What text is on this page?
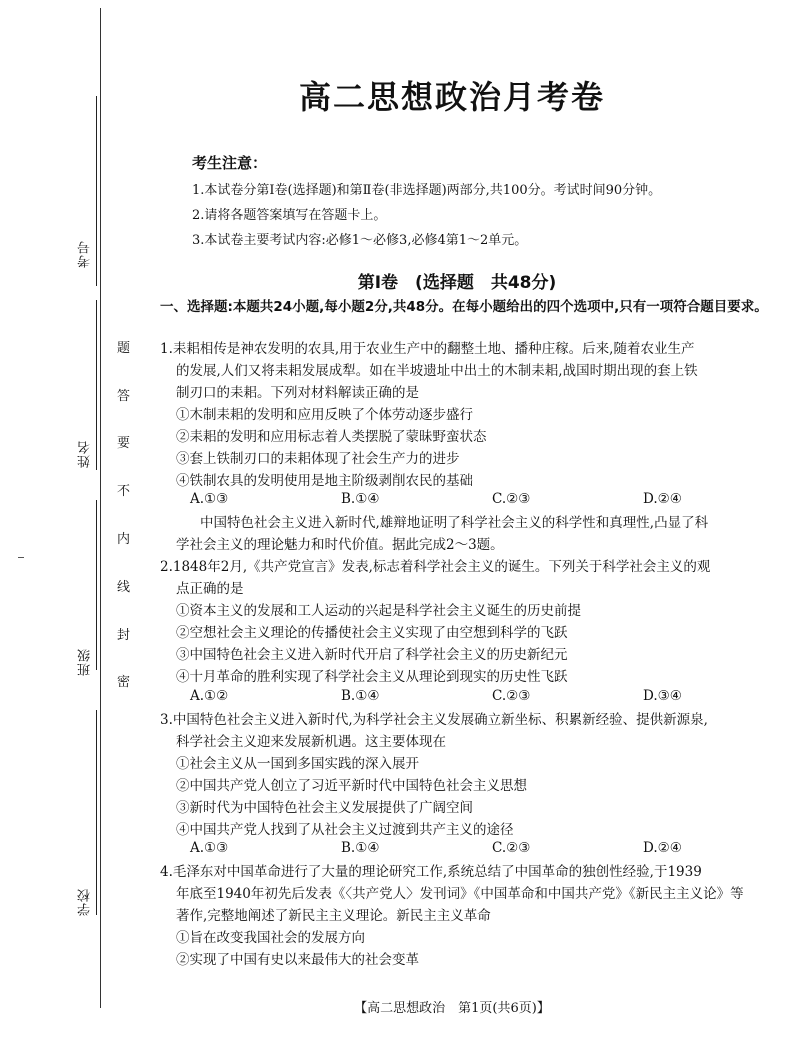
考号
姓名
班级
学校
题
答
要
不
内
线
封
密
高二思想政治月考卷
考生注意：
1.本试卷分第Ⅰ卷(选择题)和第Ⅱ卷(非选择题)两部分,共100分。考试时间90分钟。
2.请将各题答案填写在答题卡上。
3.本试卷主要考试内容:必修1～必修3,必修4第1～2单元。
第Ⅰ卷　(选择题　共48分)
一、选择题:本题共24小题,每小题2分,共48分。在每小题给出的四个选项中,只有一项符合题目要求。
1.耒耜相传是神农发明的农具,用于农业生产中的翻整土地、播种庄稼。后来,随着农业生产
的发展,人们又将耒耜发展成犁。如在半坡遗址中出土的木制耒耜,战国时期出现的套上铁
制刃口的耒耜。下列对材料解读正确的是
①木制耒耜的发明和应用反映了个体劳动逐步盛行
②耒耜的发明和应用标志着人类摆脱了蒙昧野蛮状态
③套上铁制刃口的耒耜体现了社会生产力的进步
④铁制农具的发明使用是地主阶级剥削农民的基础
A.①③	B.①④	C.②③	D.②④
中国特色社会主义进入新时代,雄辩地证明了科学社会主义的科学性和真理性,凸显了科
学社会主义的理论魅力和时代价值。据此完成2～3题。
2.1848年2月,《共产党宣言》发表,标志着科学社会主义的诞生。下列关于科学社会主义的观
点正确的是
①资本主义的发展和工人运动的兴起是科学社会主义诞生的历史前提
②空想社会主义理论的传播使社会主义实现了由空想到科学的飞跃
③中国特色社会主义进入新时代开启了科学社会主义的历史新纪元
④十月革命的胜利实现了科学社会主义从理论到现实的历史性飞跃
A.①②	B.①④	C.②③	D.③④
3.中国特色社会主义进入新时代,为科学社会主义发展确立新坐标、积累新经验、提供新源泉,
科学社会主义迎来发展新机遇。这主要体现在
①社会主义从一国到多国实践的深入展开
②中国共产党人创立了习近平新时代中国特色社会主义思想
③新时代为中国特色社会主义发展提供了广阔空间
④中国共产党人找到了从社会主义过渡到共产主义的途径
A.①③	B.①④	C.②③	D.②④
4.毛泽东对中国革命进行了大量的理论研究工作,系统总结了中国革命的独创性经验,于1939
年底至1940年初先后发表《〈共产党人〉发刊词》《中国革命和中国共产党》《新民主主义论》等
著作,完整地阐述了新民主主义理论。新民主主义革命
①旨在改变我国社会的发展方向
②实现了中国有史以来最伟大的社会变革
【高二思想政治　第1页(共6页)】
